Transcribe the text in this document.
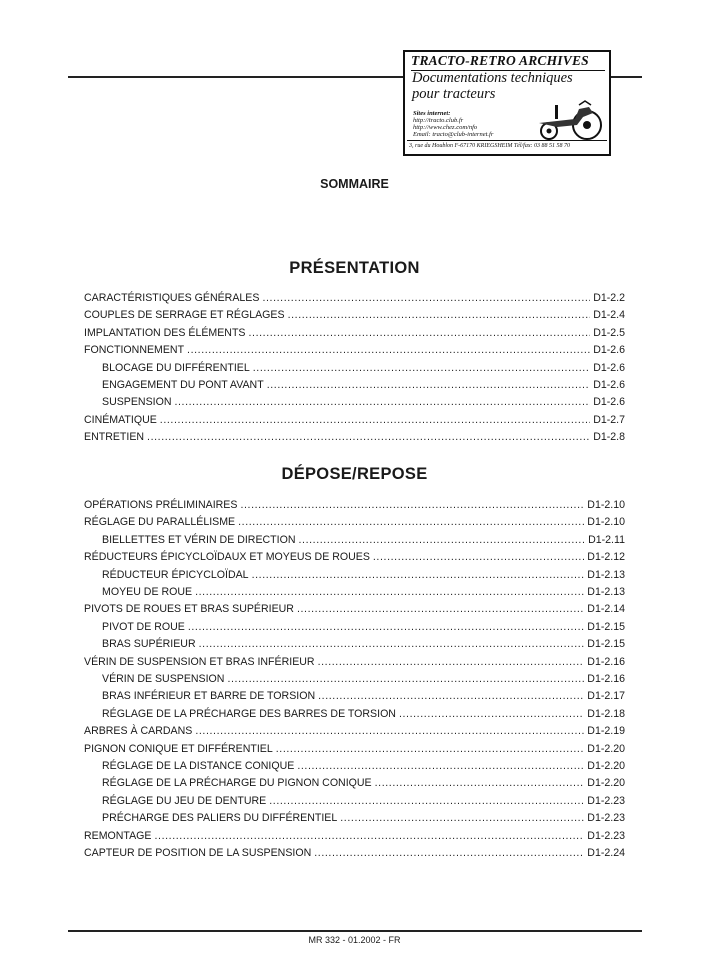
TRACTO-RETRO ARCHIVES
Documentations techniques
pour tracteurs
Sites internet:
http://tracto.club.fr
http://www.chez.com/nfo
Email: tracto@club-internet.fr
3, rue du Houblon F-67170 KRIEGSHEIM Tél/fax: 03 88 51 58 70
SOMMAIRE
PRÉSENTATION
DÉPOSE/REPOSE
CARACTÉRISTIQUES GÉNÉRALES .....	D1-2.2
COUPLES DE SERRAGE ET RÉGLAGES .....	D1-2.4
IMPLANTATION DES ÉLÉMENTS .....	D1-2.5
FONCTIONNEMENT .....	D1-2.6
BLOCAGE DU DIFFÉRENTIEL .....	D1-2.6
ENGAGEMENT DU PONT AVANT .....	D1-2.6
SUSPENSION .....	D1-2.6
CINÉMATIQUE .....	D1-2.7
ENTRETIEN .....	D1-2.8
OPÉRATIONS PRÉLIMINAIRES .....	D1-2.10
RÉGLAGE DU PARALLÉLISME .....	D1-2.10
BIELLETTES ET VÉRIN DE DIRECTION .....	D1-2.11
RÉDUCTEURS ÉPICYCLOÏDAUX ET MOYEUS DE ROUES .....	D1-2.12
RÉDUCTEUR ÉPICYCLOÏDAL .....	D1-2.13
MOYEU DE ROUE .....	D1-2.13
PIVOTS DE ROUES ET BRAS SUPÉRIEUR .....	D1-2.14
PIVOT DE ROUE .....	D1-2.15
BRAS SUPÉRIEUR .....	D1-2.15
VÉRIN DE SUSPENSION ET BRAS INFÉRIEUR .....	D1-2.16
VÉRIN DE SUSPENSION .....	D1-2.16
BRAS INFÉRIEUR ET BARRE DE TORSION .....	D1-2.17
RÉGLAGE DE LA PRÉCHARGE DES BARRES DE TORSION .....	D1-2.18
ARBRES À CARDANS .....	D1-2.19
PIGNON CONIQUE ET DIFFÉRENTIEL .....	D1-2.20
RÉGLAGE DE LA DISTANCE CONIQUE .....	D1-2.20
RÉGLAGE DE LA PRÉCHARGE DU PIGNON CONIQUE .....	D1-2.20
RÉGLAGE DU JEU DE DENTURE .....	D1-2.23
PRÉCHARGE DES PALIERS DU DIFFÉRENTIEL .....	D1-2.23
REMONTAGE .....	D1-2.23
CAPTEUR DE POSITION DE LA SUSPENSION .....	D1-2.24
MR 332 - 01.2002 - FR
